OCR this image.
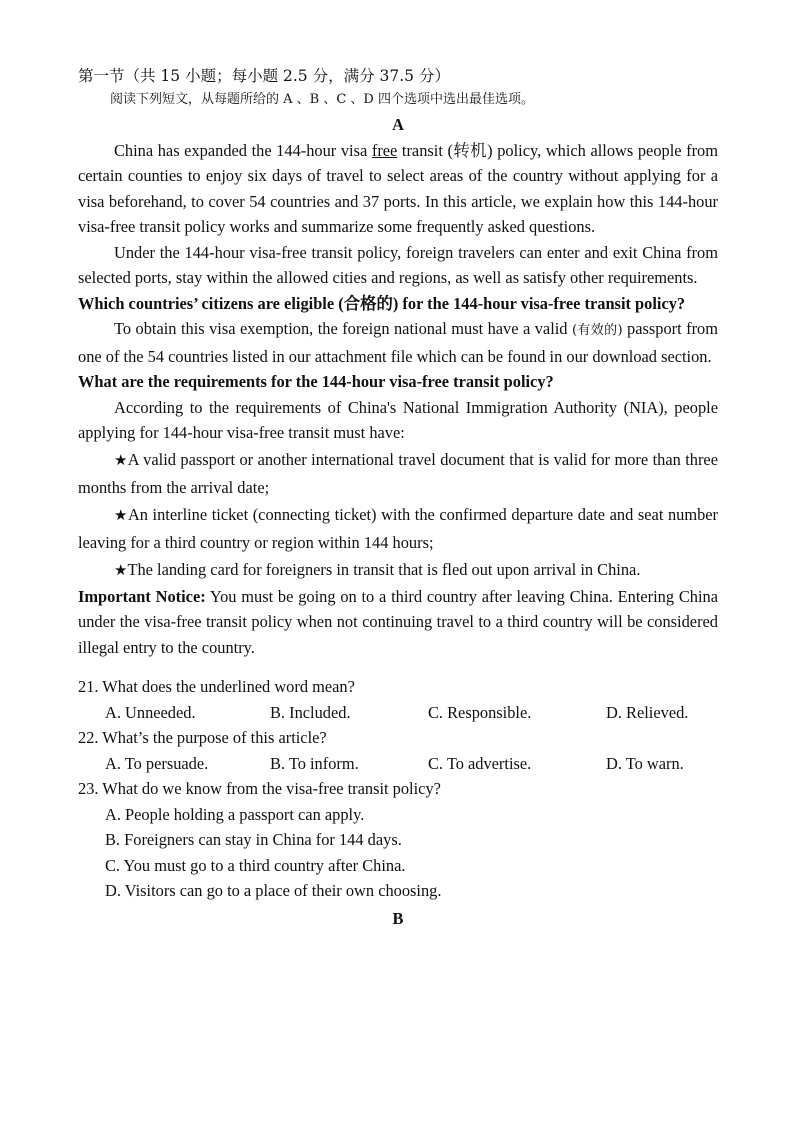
第一节（共 15 小题；每小题 2.5 分，满分 37.5 分）
阅读下列短文，从每题所给的 A 、B 、C 、D 四个选项中选出最佳选项。
A

China has expanded the 144-hour visa free transit (转机) policy, which allows people from certain counties to enjoy six days of travel to select areas of the country without applying for a visa beforehand, to cover 54 countries and 37 ports. In this article, we explain how this 144-hour visa-free transit policy works and summarize some frequently asked questions.

Under the 144-hour visa-free transit policy, foreign travelers can enter and exit China from selected ports, stay within the allowed cities and regions, as well as satisfy other requirements.

Which countries’ citizens are eligible (合格的) for the 144-hour visa-free transit policy?

To obtain this visa exemption, the foreign national must have a valid (有效的) passport from one of the 54 countries listed in our attachment file which can be found in our download section.

What are the requirements for the 144-hour visa-free transit policy?

According to the requirements of China's National Immigration Authority (NIA), people applying for 144-hour visa-free transit must have:

★A valid passport or another international travel document that is valid for more than three months from the arrival date;

★An interline ticket (connecting ticket) with the confirmed departure date and seat number leaving for a third country or region within 144 hours;

★The landing card for foreigners in transit that is fled out upon arrival in China.

Important Notice: You must be going on to a third country after leaving China. Entering China under the visa-free transit policy when not continuing travel to a third country will be considered illegal entry to the country.

21. What does the underlined word mean?
A. Unneeded.	B. Included.	C. Responsible.	D. Relieved.
22. What’s the purpose of this article?
A. To persuade.	B. To inform.	C. To advertise.	D. To warn.
23. What do we know from the visa-free transit policy?
A. People holding a passport can apply.
B. Foreigners can stay in China for 144 days.
C. You must go to a third country after China.
D. Visitors can go to a place of their own choosing.
B
